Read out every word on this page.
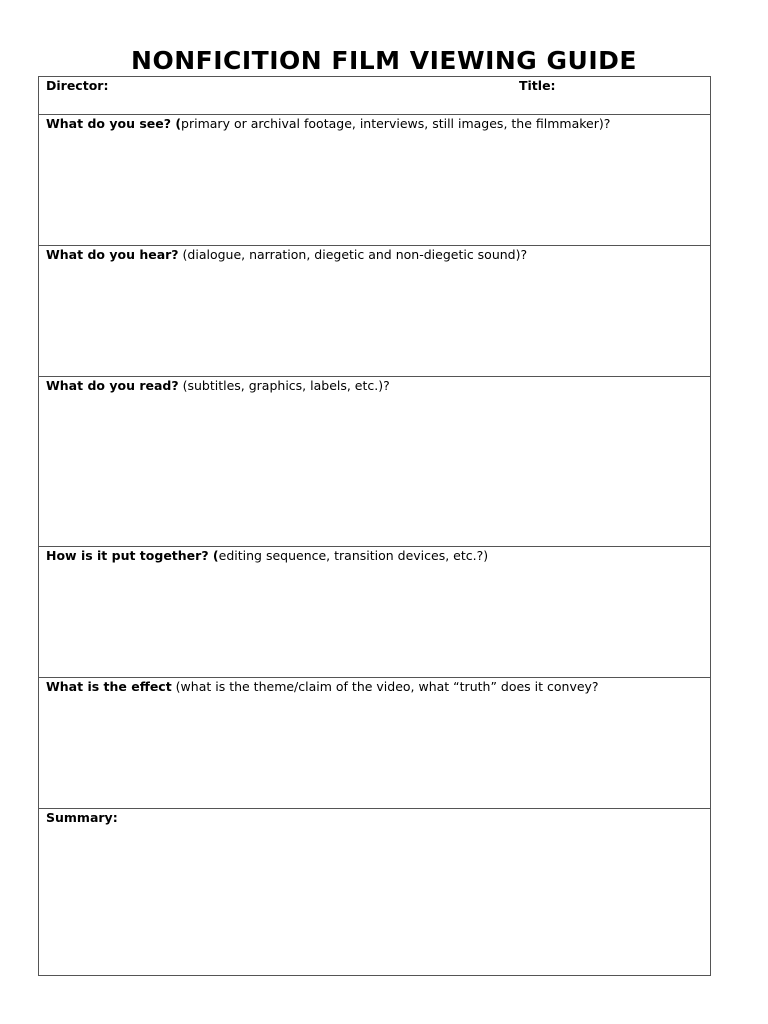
NONFICITION FILM VIEWING GUIDE
Director:	Title:
What do you see? (primary or archival footage, interviews, still images, the filmmaker)?
What do you hear? (dialogue, narration, diegetic and non-diegetic sound)?
What do you read? (subtitles, graphics, labels, etc.)?
How is it put together? (editing sequence, transition devices, etc.?)
What is the effect (what is the theme/claim of the video, what “truth” does it convey?
Summary:
